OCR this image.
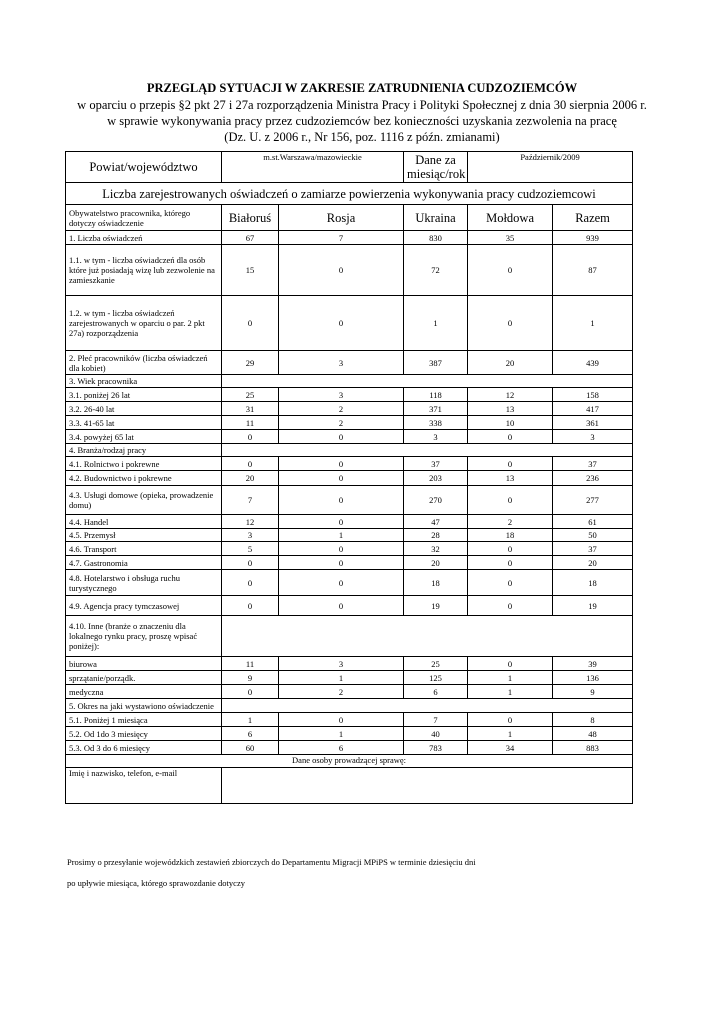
PRZEGLĄD SYTUACJI W ZAKRESIE ZATRUDNIENIA CUDZOZIEMCÓW
w oparciu o przepis §2 pkt 27 i 27a rozporządzenia Ministra Pracy i Polityki Społecznej z dnia 30 sierpnia 2006 r.
w sprawie wykonywania pracy przez cudzoziemców bez konieczności uzyskania zezwolenia na pracę
(Dz. U. z 2006 r., Nr 156, poz. 1116 z późn. zmianami)
Powiat/województwo	m.st.Warszawa/mazowieckie		Dane za miesiąc/rok	Październik/2009	
Liczba zarejestrowanych oświadczeń o zamiarze powierzenia wykonywania pracy cudzoziemcowi					
Obywatelstwo pracownika, którego dotyczy oświadczenie	Białoruś	Rosja	Ukraina	Mołdowa	Razem
1. Liczba oświadczeń	67	7	830	35	939
1.1. w tym - liczba oświadczeń dla osób które już posiadają wizę lub zezwolenie na zamieszkanie	15	0	72	0	87
1.2. w tym - liczba oświadczeń zarejestrowanych w oparciu o par. 2 pkt 27a) rozporządzenia	0	0	1	0	1
2. Płeć pracowników (liczba oświadczeń dla kobiet)	29	3	387	20	439
3. Wiek pracownika					
3.1. poniżej 26 lat	25	3	118	12	158
3.2. 26-40 lat	31	2	371	13	417
3.3. 41-65 lat	11	2	338	10	361
3.4. powyżej 65 lat	0	0	3	0	3
4. Branża/rodzaj pracy					
4.1. Rolnictwo i pokrewne	0	0	37	0	37
4.2. Budownictwo i pokrewne	20	0	203	13	236
4.3. Usługi domowe (opieka, prowadzenie domu)	7	0	270	0	277
4.4. Handel	12	0	47	2	61
4.5. Przemysł	3	1	28	18	50
4.6. Transport	5	0	32	0	37
4.7. Gastronomia	0	0	20	0	20
4.8. Hotelarstwo i obsługa ruchu turystycznego	0	0	18	0	18
4.9. Agencja pracy tymczasowej	0	0	19	0	19
4.10. Inne (branże o znaczeniu dla lokalnego rynku pracy, proszę wpisać poniżej):					
biurowa	11	3	25	0	39
sprzątanie/porządk.	9	1	125	1	136
medyczna	0	2	6	1	9
5. Okres na jaki wystawiono oświadczenie					
5.1. Poniżej 1 miesiąca	1	0	7	0	8
5.2. Od 1do 3 miesięcy	6	1	40	1	48
5.3. Od 3 do 6 miesięcy	60	6	783	34	883
Dane osoby prowadzącej sprawę:					
Imię i nazwisko, telefon, e-mail					
Prosimy o przesyłanie wojewódzkich zestawień zbiorczych do Departamentu Migracji MPiPS w terminie dziesięciu dni
po upływie miesiąca, którego sprawozdanie dotyczy
